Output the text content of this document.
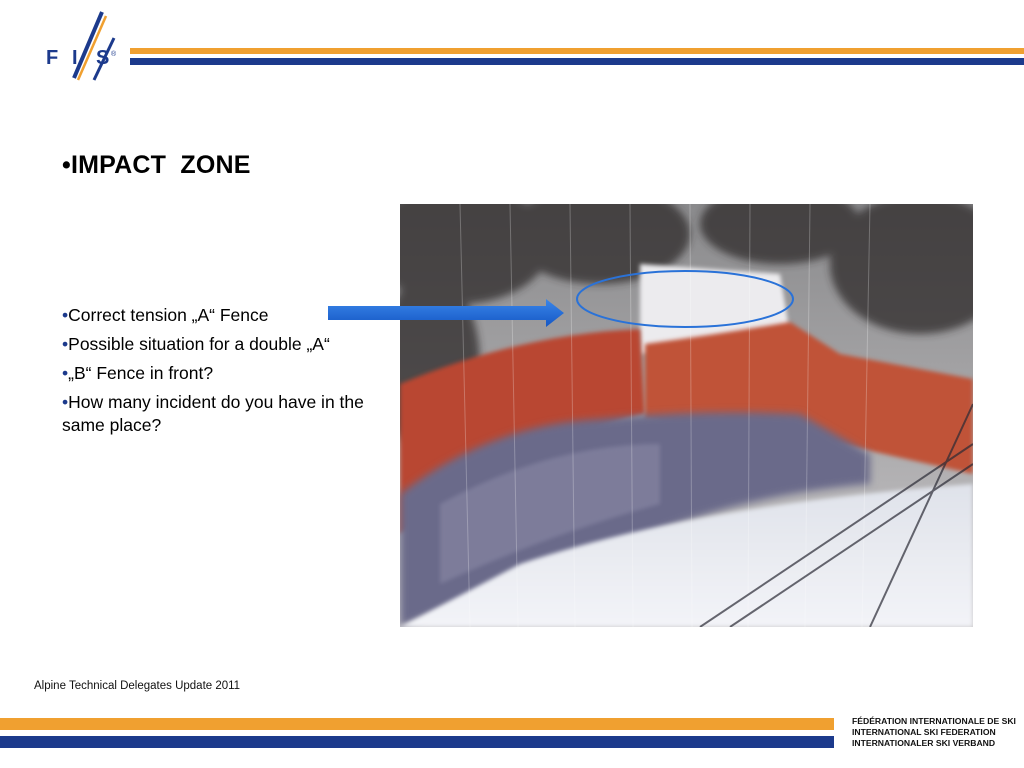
F I S ®
•IMPACT  ZONE
•Correct tension „A“ Fence
•Possible situation for a double „A“
•„B“ Fence in front?
•How many incident do you have in the same place?
Alpine Technical Delegates Update 2011
FÉDÉRATION INTERNATIONALE DE SKI
INTERNATIONAL SKI FEDERATION
INTERNATIONALER SKI VERBAND
